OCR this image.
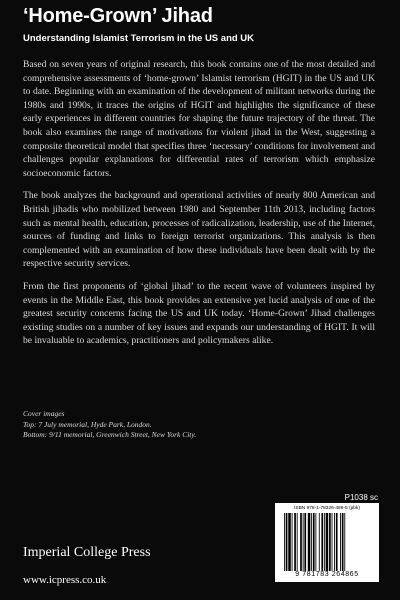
‘Home-Grown’ Jihad
Understanding Islamist Terrorism in the US and UK

Based on seven years of original research, this book contains one of the most detailed and comprehensive assessments of ‘home-grown’ Islamist terrorism (HGIT) in the US and UK to date. Beginning with an examination of the development of militant networks during the 1980s and 1990s, it traces the origins of HGIT and highlights the significance of these early experiences in different countries for shaping the future trajectory of the threat. The book also examines the range of motivations for violent jihad in the West, suggesting a composite theoretical model that specifies three ‘necessary’ conditions for involvement and challenges popular explanations for differential rates of terrorism which emphasize socioeconomic factors.

The book analyzes the background and operational activities of nearly 800 American and British jihadis who mobilized between 1980 and September 11th 2013, including factors such as mental health, education, processes of radicalization, leadership, use of the Internet, sources of funding and links to foreign terrorist organizations. This analysis is then complemented with an examination of how these individuals have been dealt with by the respective security services.

From the first proponents of ‘global jihad’ to the recent wave of volunteers inspired by events in the Middle East, this book provides an extensive yet lucid analysis of one of the greatest security concerns facing the US and UK today. ‘Home-Grown’ Jihad challenges existing studies on a number of key issues and expands our understanding of HGIT. It will be invaluable to academics, practitioners and policymakers alike.

Cover images
Top: 7 July memorial, Hyde Park, London.
Bottom: 9/11 memorial, Greenwich Street, New York City.
P1038 sc
ISBN 978-1-78326-486-5 (pbk)
9 781783 264865
Imperial College Press
www.icpress.co.uk
